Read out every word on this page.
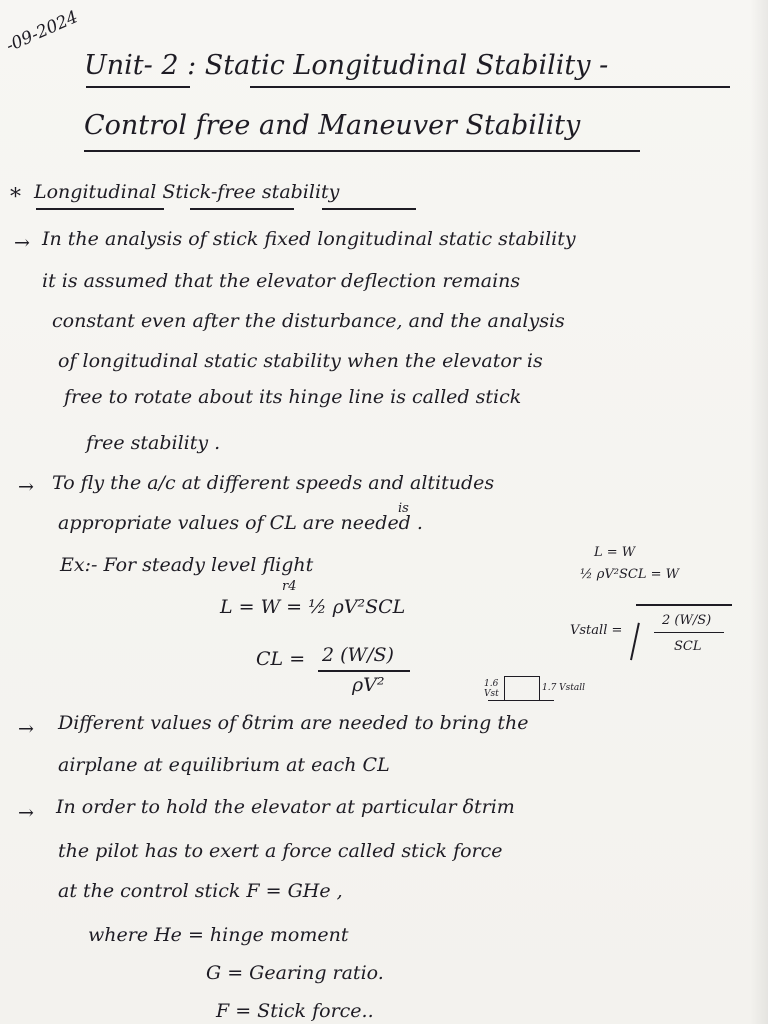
-09-2024
Unit- 2 : Static Longitudinal Stability -
Control free and Maneuver Stability
* Longitudinal Stick-free stability
→ In the analysis of stick fixed longitudinal static stability
it is assumed that the elevator deflection remains
constant even after the disturbance, and the analysis
of longitudinal static stability when the elevator is
free to rotate about its hinge line is called stick
free stability .
→ To fly the a/c at different speeds and altitudes
is
appropriate values of CL are needed .
Ex:- For steady level flight
r4
L = W = ½ ρV²SCL
CL = 2 (W/S)
ρV²
L = W
½ ρV²SCL = W
Vstall =
2 (W/S)
SCL
1.6
Vst
1.7 Vstall
→ Different values of δtrim are needed to bring the
airplane at equilibrium at each CL
→ In order to hold the elevator at particular δtrim
the pilot has to exert a force called stick force
at the control stick F = GHe ,
where He = hinge moment
G = Gearing ratio.
F = Stick force..
